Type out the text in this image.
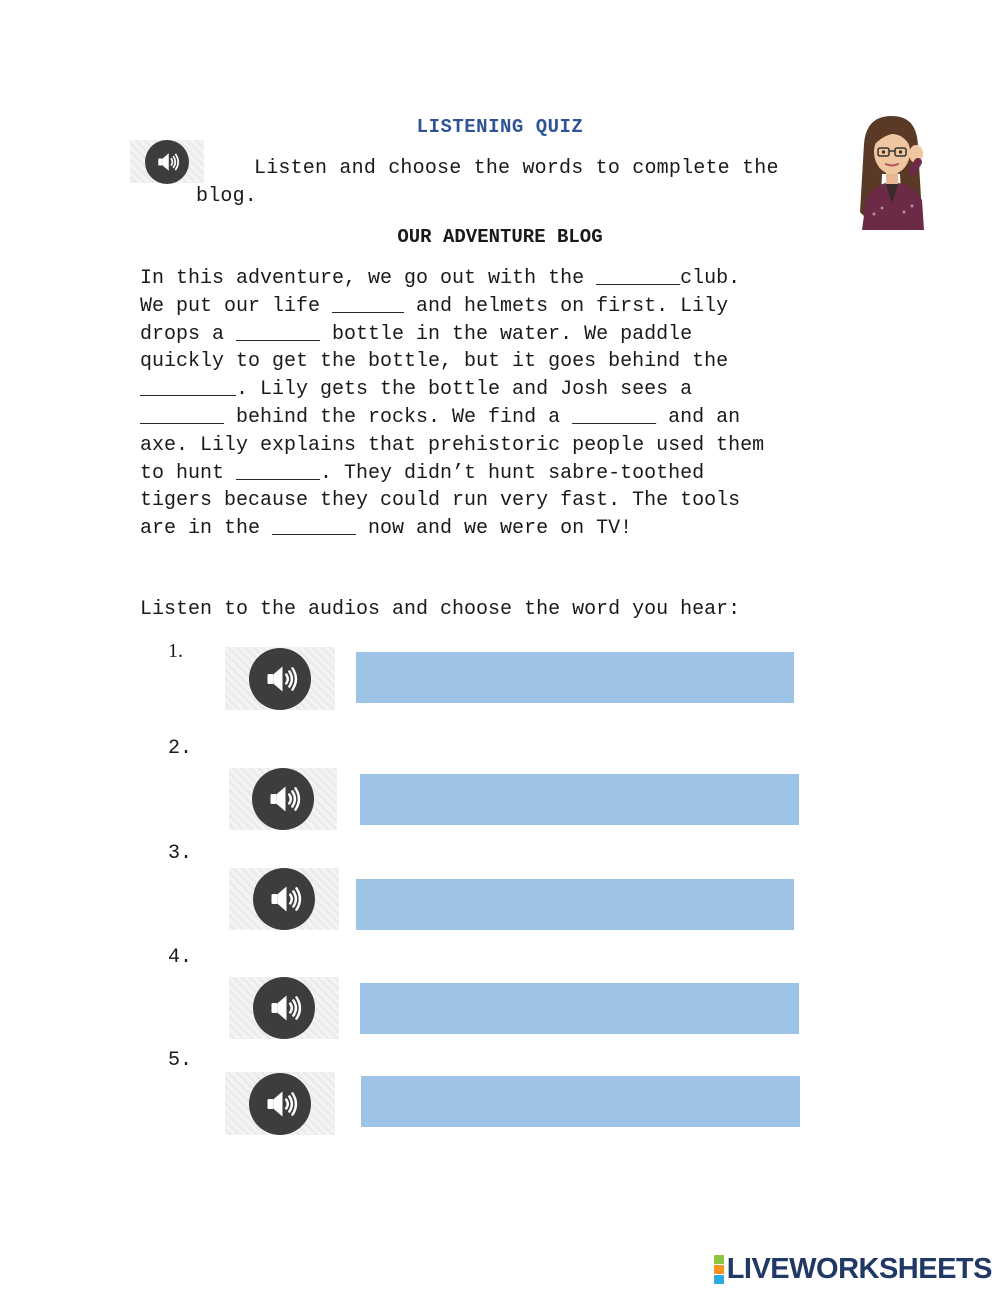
LISTENING QUIZ
Listen and choose the words to complete the
blog.
OUR ADVENTURE BLOG
In this adventure, we go out with the _______club.
We put our life ______ and helmets on first. Lily
drops a _______ bottle in the water. We paddle
quickly to get the bottle, but it goes behind the
________. Lily gets the bottle and Josh sees a
_______ behind the rocks. We find a _______ and an
axe. Lily explains that prehistoric people used them
to hunt _______. They didn’t hunt sabre-toothed
tigers because they could run very fast. The tools
are in the _______ now and we were on TV!
Listen to the audios and choose the word you hear:
1.
2.
3.
4.
5.
LIVEWORKSHEETS
